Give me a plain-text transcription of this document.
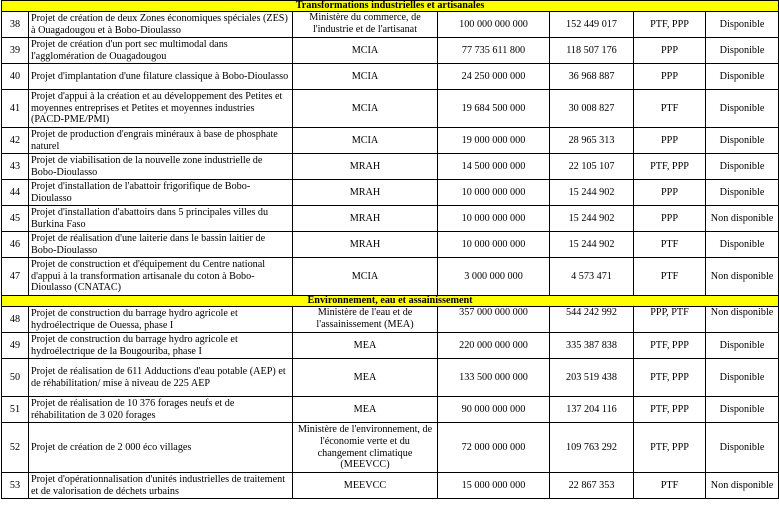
Transformations industrielles et artisanales						
38	Projet de création de deux Zones économiques spéciales (ZES) à Ouagadougou et à Bobo-Dioulasso	Ministère du commerce, de l'industrie et de l'artisanat	100 000 000 000	152 449 017	PTF, PPP	Disponible
39	Projet de création d'un port sec multimodal dans l'agglomération de Ouagadougou	MCIA	77 735 611 800	118 507 176	PPP	Disponible
40	Projet d'implantation d'une filature classique à Bobo-Dioulasso	MCIA	24 250 000 000	36 968 887	PPP	Disponible
41	Projet d'appui à la création et au développement des Petites et moyennes entreprises et Petites et moyennes industries (PACD-PME/PMI)	MCIA	19 684 500 000	30 008 827	PTF	Disponible
42	Projet de production d'engrais minéraux à base de phosphate naturel	MCIA	19 000 000 000	28 965 313	PPP	Disponible
43	Projet de viabilisation de la nouvelle zone industrielle de Bobo-Dioulasso	MRAH	14 500 000 000	22 105 107	PTF, PPP	Disponible
44	Projet d'installation de l'abattoir frigorifique de Bobo-Dioulasso	MRAH	10 000 000 000	15 244 902	PPP	Disponible
45	Projet d'installation d'abattoirs dans 5 principales villes du Burkina Faso	MRAH	10 000 000 000	15 244 902	PPP	Non disponible
46	Projet de réalisation d'une laiterie dans le bassin laitier de Bobo-Dioulasso	MRAH	10 000 000 000	15 244 902	PTF	Disponible
47	Projet de construction et d'équipement du Centre national d'appui à la transformation artisanale du coton à Bobo-Dioulasso (CNATAC)	MCIA	3 000 000 000	4 573 471	PTF	Non disponible
Environnement, eau et assainissement						
48	Projet de construction du barrage hydro agricole et hydroélectrique de Ouessa, phase I	Ministère de l'eau et de l'assainissement (MEA)	357 000 000 000	544 242 992	PPP, PTF	Non disponible
49	Projet de construction du barrage hydro agricole et hydroélectrique de la Bougouriba, phase I	MEA	220 000 000 000	335 387 838	PTF, PPP	Disponible
50	Projet de réalisation de 611 Adductions d'eau potable (AEP) et de réhabilitation/ mise à niveau de 225 AEP	MEA	133 500 000 000	203 519 438	PTF, PPP	Disponible
51	Projet de réalisation de 10 376 forages neufs et de réhabilitation de 3 020 forages	MEA	90 000 000 000	137 204 116	PTF, PPP	Disponible
52	Projet de création de 2 000 éco villages	Ministère de l'environnement, de l'économie verte et du changement climatique (MEEVCC)	72 000 000 000	109 763 292	PTF, PPP	Disponible
53	Projet d'opérationnalisation d'unités industrielles de traitement et de valorisation de déchets urbains	MEEVCC	15 000 000 000	22 867 353	PTF	Non disponible
